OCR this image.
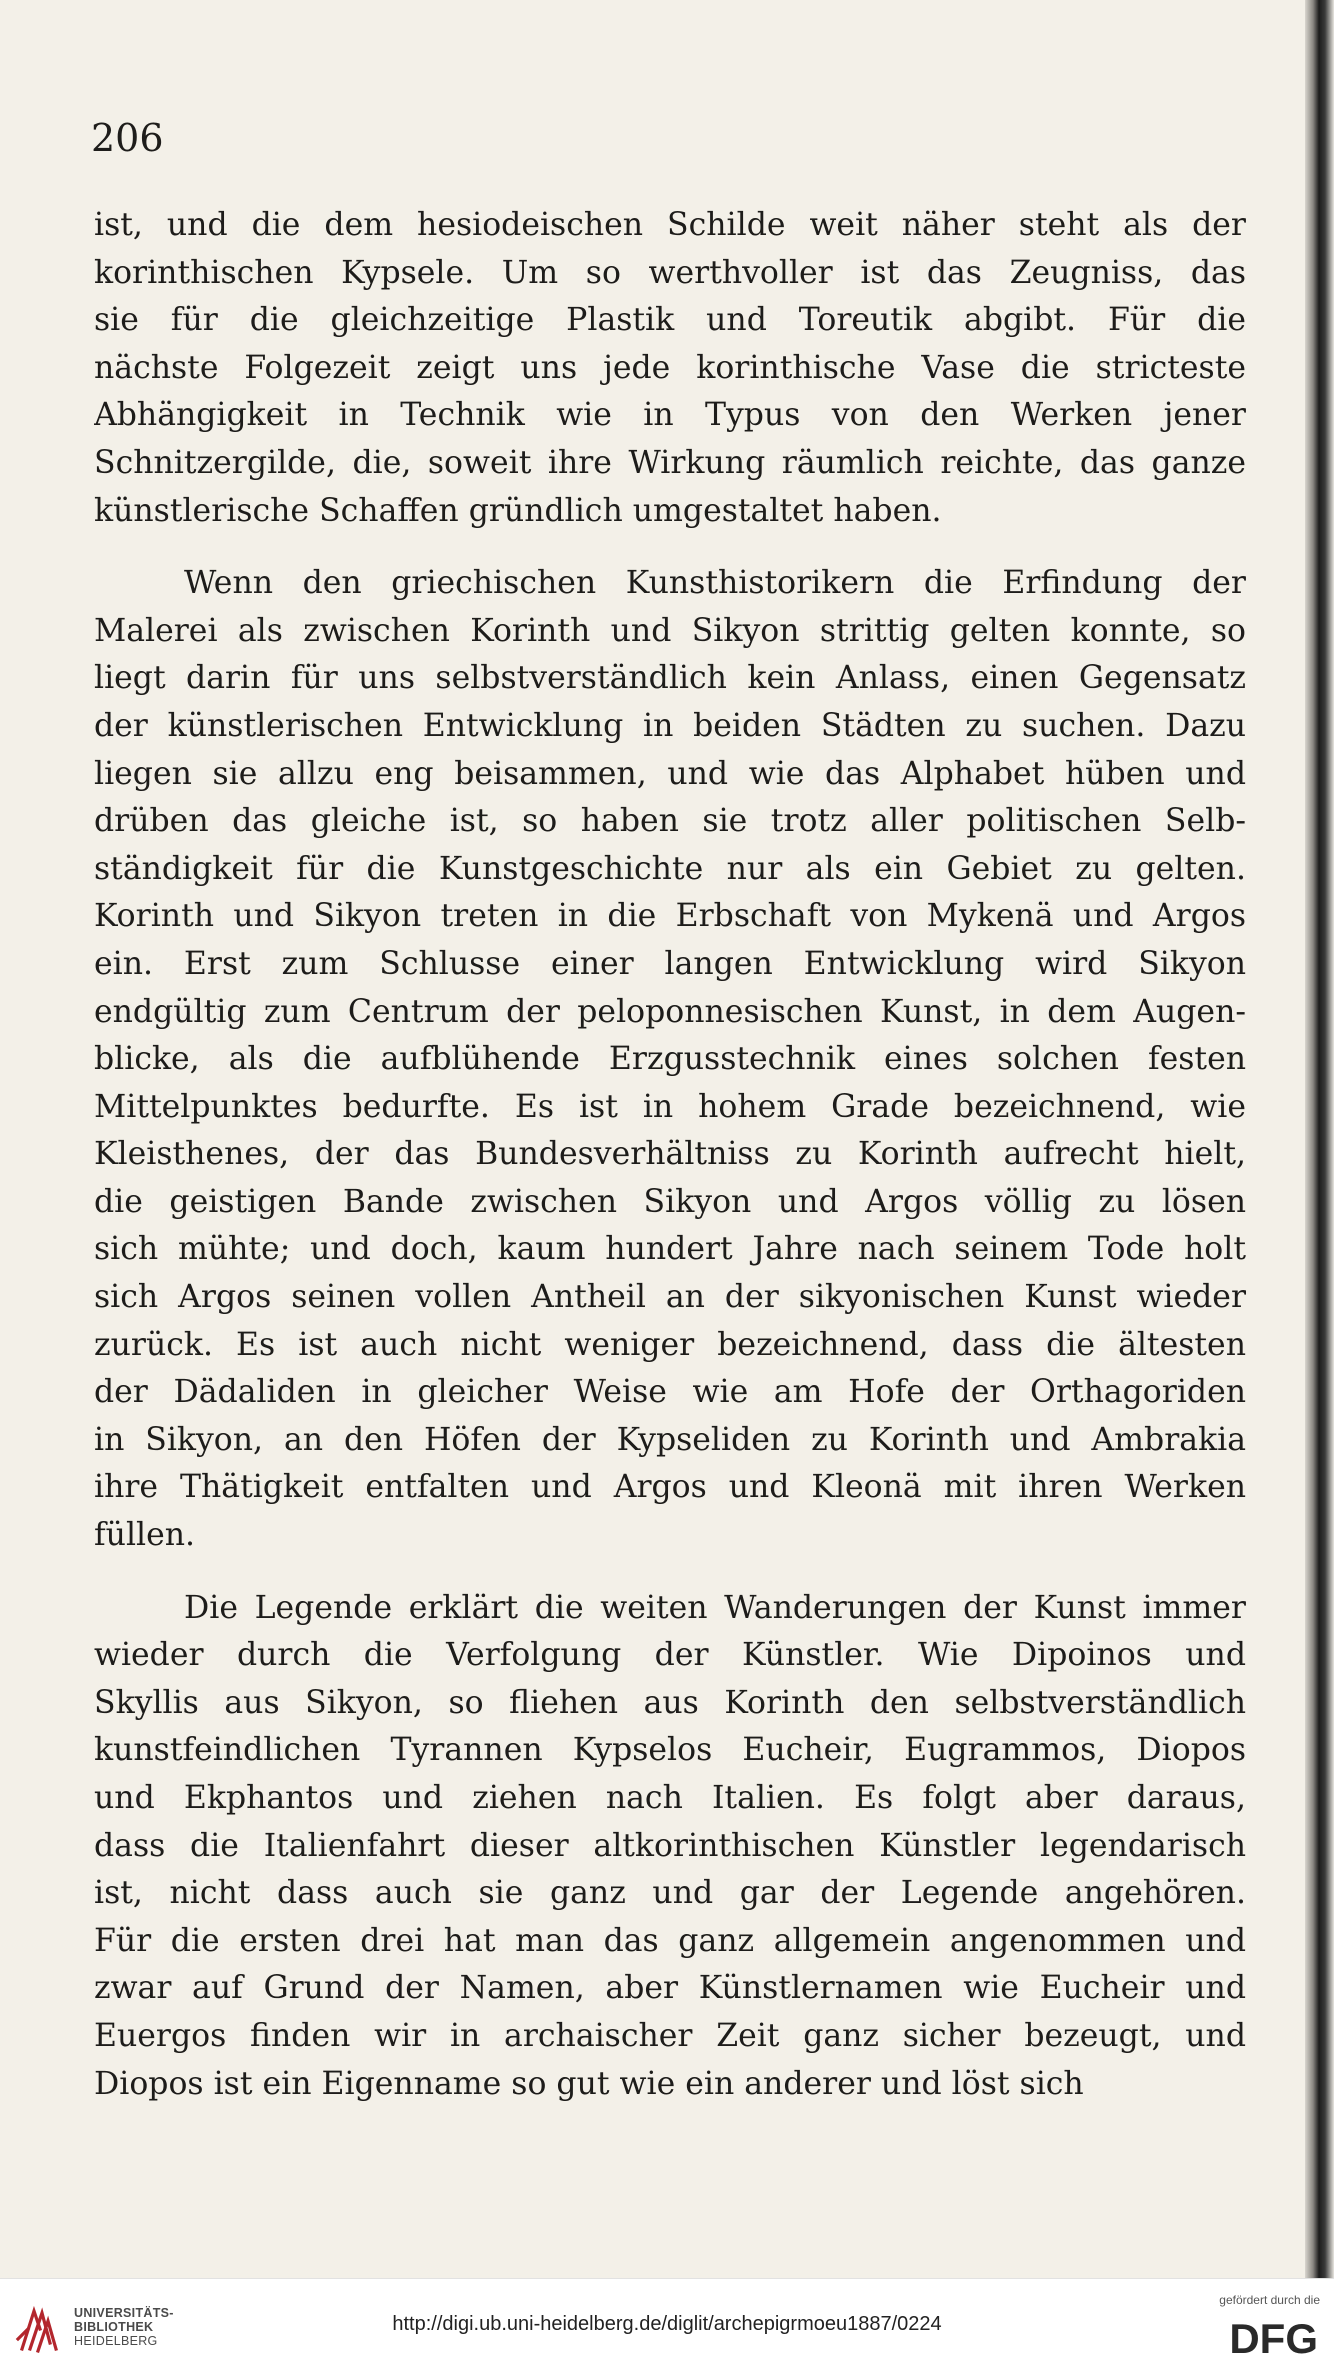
206
ist, und die dem hesiodeischen Schilde weit näher steht als der
korinthischen Kypsele. Um so werthvoller ist das Zeugniss, das
sie für die gleichzeitige Plastik und Toreutik abgibt. Für die
nächste Folgezeit zeigt uns jede korinthische Vase die stricteste
Abhängigkeit in Technik wie in Typus von den Werken jener
Schnitzergilde, die, soweit ihre Wirkung räumlich reichte, das ganze
künstlerische Schaffen gründlich umgestaltet haben.
Wenn den griechischen Kunsthistorikern die Erfindung der
Malerei als zwischen Korinth und Sikyon strittig gelten konnte, so
liegt darin für uns selbstverständlich kein Anlass, einen Gegensatz
der künstlerischen Entwicklung in beiden Städten zu suchen. Dazu
liegen sie allzu eng beisammen, und wie das Alphabet hüben und
drüben das gleiche ist, so haben sie trotz aller politischen Selb-
ständigkeit für die Kunstgeschichte nur als ein Gebiet zu gelten.
Korinth und Sikyon treten in die Erbschaft von Mykenä und Argos
ein. Erst zum Schlusse einer langen Entwicklung wird Sikyon
endgültig zum Centrum der peloponnesischen Kunst, in dem Augen-
blicke, als die aufblühende Erzgusstechnik eines solchen festen
Mittelpunktes bedurfte. Es ist in hohem Grade bezeichnend, wie
Kleisthenes, der das Bundesverhältniss zu Korinth aufrecht hielt,
die geistigen Bande zwischen Sikyon und Argos völlig zu lösen
sich mühte; und doch, kaum hundert Jahre nach seinem Tode holt
sich Argos seinen vollen Antheil an der sikyonischen Kunst wieder
zurück. Es ist auch nicht weniger bezeichnend, dass die ältesten
der Dädaliden in gleicher Weise wie am Hofe der Orthagoriden
in Sikyon, an den Höfen der Kypseliden zu Korinth und Ambrakia
ihre Thätigkeit entfalten und Argos und Kleonä mit ihren Werken
füllen.
Die Legende erklärt die weiten Wanderungen der Kunst immer
wieder durch die Verfolgung der Künstler. Wie Dipoinos und
Skyllis aus Sikyon, so fliehen aus Korinth den selbstverständlich
kunstfeindlichen Tyrannen Kypselos Eucheir, Eugrammos, Diopos
und Ekphantos und ziehen nach Italien. Es folgt aber daraus,
dass die Italienfahrt dieser altkorinthischen Künstler legendarisch
ist, nicht dass auch sie ganz und gar der Legende angehören.
Für die ersten drei hat man das ganz allgemein angenommen und
zwar auf Grund der Namen, aber Künstlernamen wie Eucheir und
Euergos finden wir in archaischer Zeit ganz sicher bezeugt, und
Diopos ist ein Eigenname so gut wie ein anderer und löst sich
UNIVERSITÄTS-
BIBLIOTHEK
HEIDELBERG
http://digi.ub.uni-heidelberg.de/diglit/archepigrmoeu1887/0224
gefördert durch die
DFG
